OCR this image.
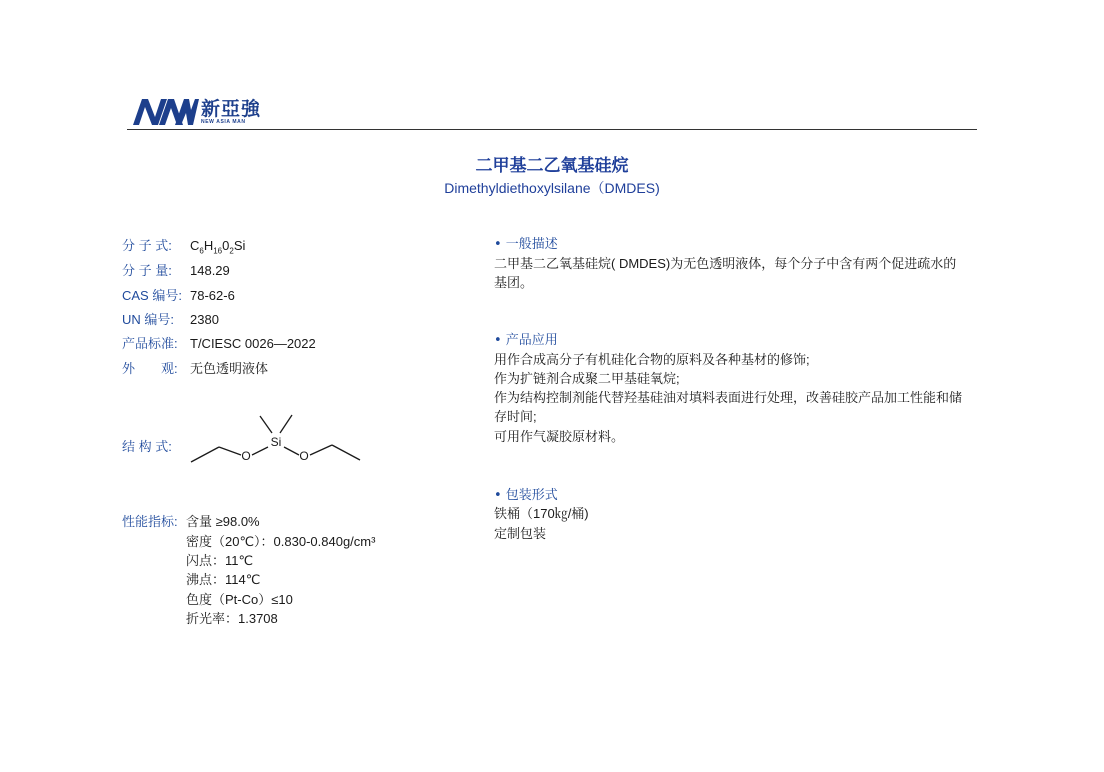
新亞強
NEW ASIA MAN
二甲基二乙氧基硅烷
Dimethyldiethoxylsilane（DMDES)
分 子 式: $C_6H_{16}0_2Si$
分 子 量: 148.29
CAS 编号: 78-62-6
UN 编号: 2380
产品标准: T/CIESC 0026—2022
外　　观: 无色透明液体
结 构 式:
O
Si
O
性能指标: 含量 ≥98.0%
密度（20℃）：0.830-0.840g/cm³
闪点：11℃
沸点：114℃
色度（Pt-Co）≤10
折光率：1.3708
• 一般描述
二甲基二乙氧基硅烷( DMDES)为无色透明液体，每个分子中含有两个促进疏水的
基团。
• 产品应用
用作合成高分子有机硅化合物的原料及各种基材的修饰;
作为扩链剂合成聚二甲基硅氧烷;
作为结构控制剂能代替羟基硅油对填料表面进行处理，改善硅胶产品加工性能和储
存时间;
可用作气凝胶原材料。
• 包装形式
铁桶（170㎏/桶)
定制包装
